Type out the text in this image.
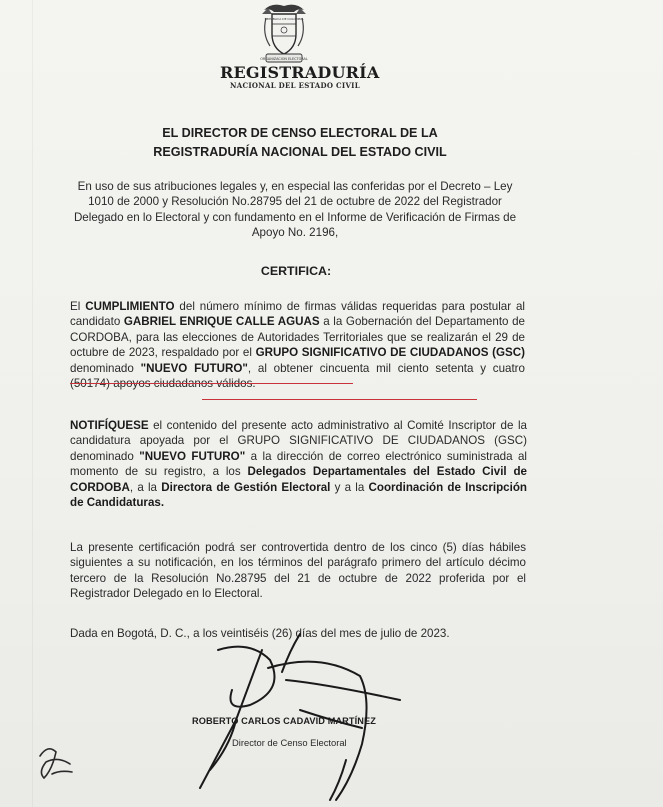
ORGANIZACION ELECTORAL
REPUBLICA DE COLOMBIA
REGISTRADURÍA
NACIONAL DEL ESTADO CIVIL
EL DIRECTOR DE CENSO ELECTORAL DE LA
REGISTRADURÍA NACIONAL DEL ESTADO CIVIL
En uso de sus atribuciones legales y, en especial las conferidas por el Decreto – Ley 1010 de 2000 y Resolución No.28795 del 21 de octubre de 2022 del Registrador Delegado en lo Electoral y con fundamento en el Informe de Verificación de Firmas de Apoyo No. 2196,
CERTIFICA:
El CUMPLIMIENTO del número mínimo de firmas válidas requeridas para postular al candidato GABRIEL ENRIQUE CALLE AGUAS a la Gobernación del Departamento de CORDOBA, para las elecciones de Autoridades Territoriales que se realizarán el 29 de octubre de 2023, respaldado por el GRUPO SIGNIFICATIVO DE CIUDADANOS (GSC) denominado "NUEVO FUTURO", al obtener cincuenta mil ciento setenta y cuatro (50174) apoyos ciudadanos válidos.
NOTIFÍQUESE el contenido del presente acto administrativo al Comité Inscriptor de la candidatura apoyada por el GRUPO SIGNIFICATIVO DE CIUDADANOS (GSC) denominado "NUEVO FUTURO" a la dirección de correo electrónico suministrada al momento de su registro, a los Delegados Departamentales del Estado Civil de CORDOBA, a la Directora de Gestión Electoral y a la Coordinación de Inscripción de Candidaturas.
La presente certificación podrá ser controvertida dentro de los cinco (5) días hábiles siguientes a su notificación, en los términos del parágrafo primero del artículo décimo tercero de la Resolución No.28795 del 21 de octubre de 2022 proferida por el Registrador Delegado en lo Electoral.
Dada en Bogotá, D. C., a los veintiséis (26) días del mes de julio de 2023.
ROBERTO CARLOS CADAVID MARTÍNEZ
Director de Censo Electoral
